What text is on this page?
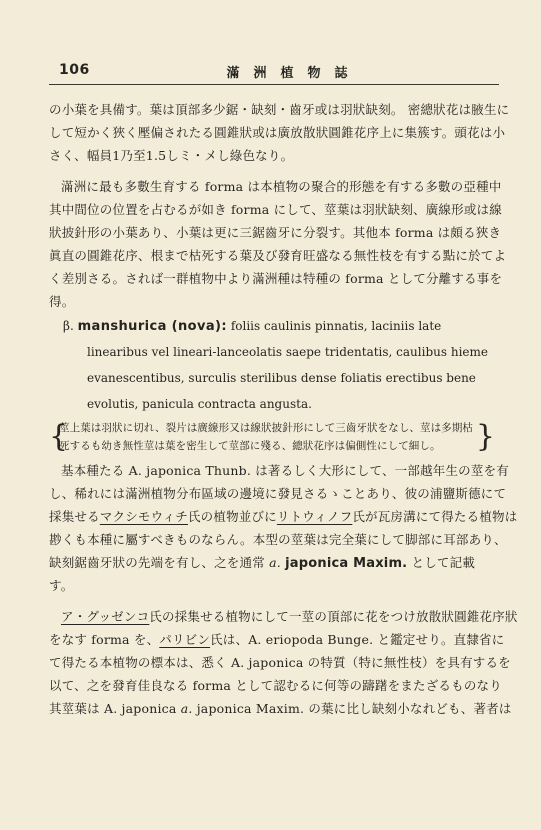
106	滿洲植物誌
の小葉を具備す。葉は頂部多少鋸・缺刻・齒牙或は羽狀缺刻。 密總狀花は腋生に
して短かく狹く壓偏されたる圓錐狀或は廣放散狀圓錐花序上に集簇す。頭花は小
さく、幅員1乃至1.5しミ・メし綠色なり。
滿洲に最も多數生育する forma は本植物の聚合的形態を有する多數の亞種中
其中間位の位置を占むるが如き forma にして、莖葉は羽狀缺刻、廣線形或は線
狀披針形の小葉あり、小葉は更に三鋸齒牙に分裂す。其他本 forma は頗る狹き
眞直の圓錐花序、根まで枯死する葉及び發育旺盛なる無性枝を有する點に於てよ
く差別さる。されば一群植物中より滿洲種は特種の forma として分離する事を
得。
β. manshurica (nova): foliis caulinis pinnatis, laciniis late
linearibus vel lineari-lanceolatis saepe tridentatis, caulibus hieme
evanescentibus, surculis sterilibus dense foliatis erectibus bene
evolutis, panicula contracta angusta.
{
莖上葉は羽狀に切れ、裂片は廣線形又は線狀披針形にして三齒牙狀をなし、莖は多期枯
死するも幼き無性莖は葉を密生して莖部に殘る、總狀花序は偏側性にして細し。	}
基本種たる A. japonica Thunb. は著るしく大形にして、一部越年生の莖を有
し、稀れには滿洲植物分布區域の邊境に發見さるゝことあり、彼の浦鹽斯德にて
採集せるマクシモウィチ氏の植物並びにリトウィノフ氏が瓦房溝にて得たる植物は
尠くも本種に屬すべきものならん。本型の莖葉は完全葉にして脚部に耳部あり、
缺刻鋸齒牙狀の先端を有し、之を通常 a. japonica Maxim. として記載
す。
ア・グッゼンコ氏の採集せる植物にして一莖の頂部に花をつけ放散狀圓錐花序狀
をなす forma を、パリビン氏は、A. eriopoda Bunge. と鑑定せり。直隸省に
て得たる本植物の標本は、悉く A. japonica の特質（特に無性枝）を具有するを
以て、之を發育佳良なる forma として認むるに何等の躊躇をまたざるものなり
其莖葉は A. japonica a. japonica Maxim. の葉に比し缺刻小なれども、著者は
